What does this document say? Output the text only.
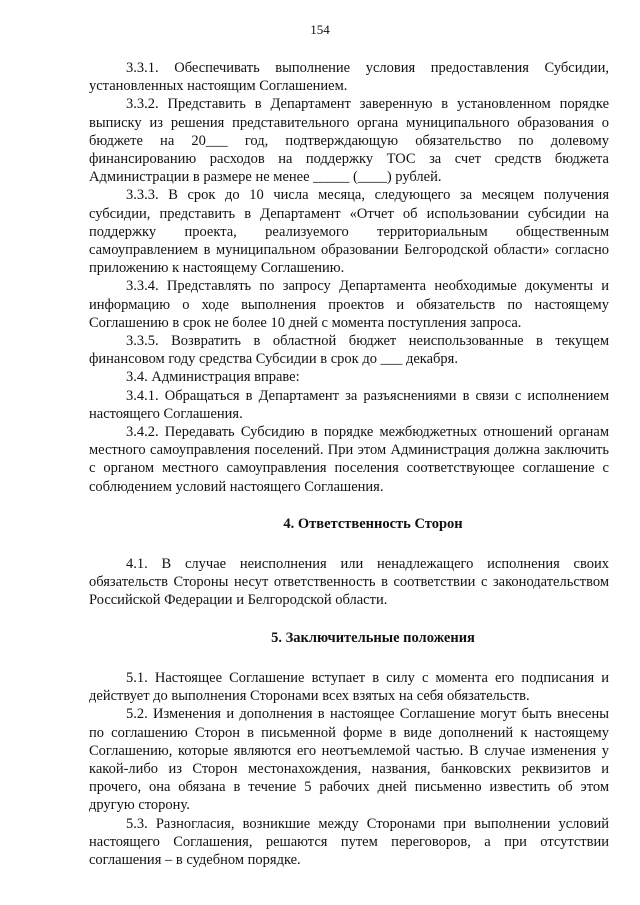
154

3.3.1. Обеспечивать выполнение условия предоставления Субсидии, установленных настоящим Соглашением.

3.3.2. Представить в Департамент заверенную в установленном порядке выписку из решения представительного органа муниципального образования о бюджете на 20___ год, подтверждающую обязательство по долевому финансированию расходов на поддержку ТОС за счет средств бюджета Администрации в размере не менее _____ (____) рублей.

3.3.3. В срок до 10 числа месяца, следующего за месяцем получения субсидии, представить в Департамент «Отчет об использовании субсидии на поддержку проекта, реализуемого территориальным общественным самоуправлением в муниципальном образовании Белгородской области» согласно приложению к настоящему Соглашению.

3.3.4. Представлять по запросу Департамента необходимые документы и информацию о ходе выполнения проектов и обязательств по настоящему Соглашению в срок не более 10 дней с момента поступления запроса.

3.3.5. Возвратить в областной бюджет неиспользованные в текущем финансовом году средства Субсидии в срок до ___ декабря.

3.4. Администрация вправе:

3.4.1. Обращаться в Департамент за разъяснениями в связи с исполнением настоящего Соглашения.

3.4.2. Передавать Субсидию в порядке межбюджетных отношений органам местного самоуправления поселений. При этом Администрация должна заключить с органом местного самоуправления поселения соответствующее соглашение с соблюдением условий настоящего Соглашения.

4. Ответственность Сторон

4.1. В случае неисполнения или ненадлежащего исполнения своих обязательств Стороны несут ответственность в соответствии с законодательством Российской Федерации и Белгородской области.

5. Заключительные положения

5.1. Настоящее Соглашение вступает в силу с момента его подписания и действует до выполнения Сторонами всех взятых на себя обязательств.

5.2. Изменения и дополнения в настоящее Соглашение могут быть внесены по соглашению Сторон в письменной форме в виде дополнений к настоящему Соглашению, которые являются его неотъемлемой частью. В случае изменения у какой-либо из Сторон местонахождения, названия, банковских реквизитов и прочего, она обязана в течение 5 рабочих дней письменно известить об этом другую сторону.

5.3. Разногласия, возникшие между Сторонами при выполнении условий настоящего Соглашения, решаются путем переговоров, а при отсутствии соглашения – в судебном порядке.
